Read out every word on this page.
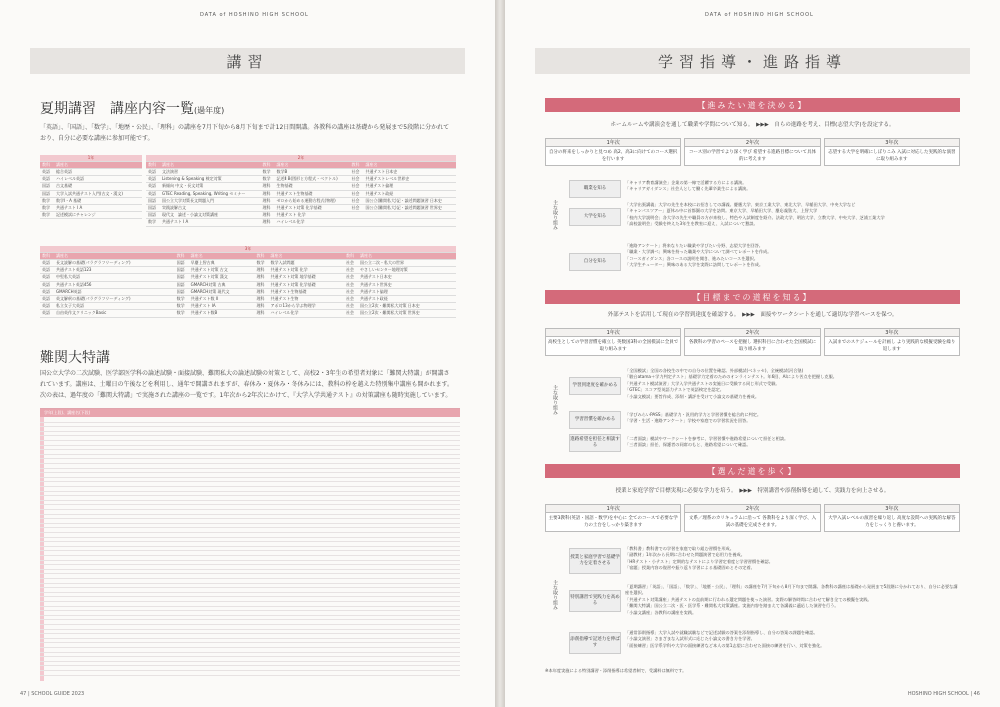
DATA of HOSHINO HIGH SCHOOL
講習
夏期講習　講座内容一覧(過年度)
「英語」、「国語」、「数学」、「地歴・公民」、「理科」の講座を7月下旬から8月下旬まで計12日間開講。各教科の講座は基礎から発展まで5段階に分かれており、自分に必要な講座に参加可能です。
1年	
教科	講座名
英語	総合英語
英語	ハイレベル英語
国語	古文基礎
国語	大学入試共通テスト入門(古文・漢文)
数学	数学I・A 基礎
数学	共通テスト I A
数学	記述模試にチャレンジ
2年					
教科	講座名	教科	講座名	教科	講座名
英語	文法演習	数学	数学B	社会	共通テスト日本史
英語	Listening & Speaking 検定対策	数学	記述Ⅱ B(図形と方程式・ベクトル)	社会	共通テストレベル世界史
英語	新傾向 中文・長文対策	理科	生物基礎	社会	共通テスト倫理
英語	GTEC Reading, Speaking, Writing セミナー	理科	共通テスト生物基礎	社会	共通テスト政経
国語	国公立大学対策長文問題入門	理科	ゼロから始める運動方程式(物理)	社会	国公立(難関私大)記・論述問題演習 日本史
国語	実践読解古文	理科	共通テスト対策 化学基礎	社会	国公立(難関私大)記・論述問題演習 世界史
国語	現代文　論述・小論文対策講座	理科	共通テスト 化学		
数学	共通テスト I A	理科	ハイレベル化学		
3年							
教科	講座名	教科	講座名	教科	講座名	教科	講座名
英語	長文読解の基礎(パラグラフリーディング)	国語	早慶上智古典	数学	数学入試問題	社会	国公立二次・私大の世界
英語	共通テスト英語123	国語	共通テスト対策 古文	理科	共通テスト対策 化学	社会	やさしいセンター地理対策
英語	中堅私大英語	国語	共通テスト対策 漢文	理科	共通テスト対策 地学基礎	社会	共通テスト日本史
英語	共通テスト英語456	国語	GMARCH対策 古典	理科	共通テスト対策 化学基礎	社会	共通テスト世界史
英語	GMARCH英語	国語	GMARCH対策 現代文	理科	共通テスト生物基礎	社会	共通テスト倫理
英語	英文解釈の基礎(パラグラフリーディング)	数学	共通テスト数 II	理科	共通テスト生物	社会	共通テスト政経
英語	私立女子大英語	数学	共通テスト IA	理科	アポロ13から学ぶ物理学	社会	国公立2次・難関私大対策 日本史
英語	自由英作文クリニックBasic	数学	共通テスト数B	理科	ハイレベル化学	社会	国公立2次・難関私大対策 世界史
難関大特講
国公立大学の二次試験、医学部医学科の論述試験・面接試験、難関私大の論述試験の対策として、高校2・3年生の希望者対象に「難関大特講」が開講されています。講座は、土曜日の午後などを利用し、通年で開講されますが、春休み・夏休み・冬休みには、教科の枠を越えた特別集中講座も開かれます。次の表は、過年度の「難関大特講」で実施された講座の一覧です。1年次から2年次にかけて、『大学入学共通テスト』の対策講座も随時実施しています。
学年(上段)、講座名(下段)
47 | SCHOOL GUIDE 2023
DATA of HOSHINO HIGH SCHOOL
学習指導・進路指導
【進みたい道を決める】
ホームルームや講演会を通して職業や学問について知る。　▶▶▶　自らの進路を考え、目標(志望大学)を設定する。
1年次
自分の将来をしっかりと見つめ 高2、高3に向けてのコース選択を行います
2年次
コース別の学習でより深く学び 希望する進路目標について具体的に考えます
3年次
志望する大学を明確にしぼりこみ 入試に対応した実践的な演習に取り組みます
主な取り組み
職業を知る
「キャリア教育講演会」企業の第一線で活躍する方による講演。
「キャリアガイダンス」社会人として働く先輩卒業生による講演。
大学を知る
「大学出張講義」大学の先生を本校にお招きしての講義。慶應大学、東京工業大学、東北大学、早稲田大学、中央大学など
「キャンパスツアー」夏休み中に首都圏の大学を訪問。東京大学、早稲田大学、慶応義塾大、上智大学
「校内大学説明会」各大学の先生や職員の方が来校し、特色や入試制度を紹介。法政大学、明治大学、立教大学、中央大学、芝浦工業大学
「高校説明会」受験を終えた3年生を教室に迎え、入試について懇談。
自分を知る
「進路アンケート」将来なりたい職業や学びたい分野、志望大学を回答。
「職業・大学調べ」興味を持った職業や大学について調べてレポートを作成。
「コースガイダンス」各コースの説明を聞き、進みたいコースを選択。
「大学生チューター」興味のある大学を実際に訪問してレポートを作成。
【目標までの道程を知る】
外部テストを活用して現在の学習到達度を確認する。　▶▶▶　面接やワークシートを通して適切な学習ペースを保つ。
1年次
高校生としての学習習慣を確立し 英数国3科の全国模試に全員で取り組みます
2年次
各教科の学習のペースを把握し 選択科目に合わせた全国模試に取り組みます
3年次
入試までのスケジュールを計画し より実践的な模擬受験を繰り返します
主な取り組み	学習到達度を確かめる
「全国模試」全国の各校生の中での自分の位置を確認。外部模試(ベネッセ)、全統模試(河合塾)
「駿台atama＋学力判定テスト」基礎学力定着のためのオンラインテスト。年6回、AIにより苦点を把握し克服。
「共通テスト模試演習」大学入学共通テストの実施日に受験する同じ形式で受験。
「GTEC」スコア型英語力テストで英語検定を認定。
「小論文模試」要旨作成、添削・講評を受けて小論文の基礎力を養成。
学習習慣を確かめる
「学びみらいPASS」基礎学力・汎用的学力と学習習慣を総合的に判定。
「学習・生活・進路アンケート」学校や家庭での学習状況を回答。
進路希望を担任と相談する
「二者面談」模試やワークシートを参考に、学習習慣や進路希望について担任と相談。
「三者面談」担任、保護者の同席のもと、進路希望について確認。
【選んだ道を歩く】
授業と家庭学習で目標実現に必要な学力を培う。　▶▶▶　特別講習や添削指導を通して、実践力を向上させる。
1年次
主要3教科(英語・国語・数学)を中心に 全てのコースで必要な学力の土台をしっかり築きます
2年次
文系／理系のカリキュラムに沿って 各教科をより深く学び、入試の基礎を完成させます。
3年次
大学入試レベルの演習を繰り返し 高度な設問への実践的な解答力をじっくりと養います。
主な取り組み
授業と家庭学習で基礎学力を定着させる
「教科書」教科書での学習を家庭で取り組む習慣を形成。
「副教材」1年次から長期に合わせた問題演習で応用力を養成。
「HRテスト・小テスト」定期的なテストにより学習定着度と学習習慣を確認。
「宿題」授業内容の復習や振り返り学習による基礎固めとその定着。
特別講習で実践力を高める
「夏期講習」「英語」、「国語」、「数学」、「地歴・公民」、「理科」の講座を7月下旬から8月下旬まで開講。各教科の講座は基礎から発展まで5段階に分かれており、自分に必要な講座を選択。
「共通テスト対策講座」共通テストの直前期に行われる選定問題を使った演習。実際の解答時間に合わせて解き全ての模擬を実践。
「難関大特講」国公立二次・医・医学系・難関私大対策講座。実施内容を踏まえて各講義に適応した演習を行う。
「小論文講座」各教科の講座を実践。
添削指導で記述力を伸ばす
「通常添削指導」大学入試や就職試験などで記述試験の答案を添削指導し、自分の答案の課題を確認。
「小論文演習」さまざまな入試形式に応じた小論文の書き方を学習。
「面接練習」医学系学科や大学の面接練習など本人の第1志望に合わせた面接の練習を行い、対策を強化。
※本年度実施による特別講習・添削指導は希望者制で、受講料は無料です。
HOSHINO HIGH SCHOOL | 46
